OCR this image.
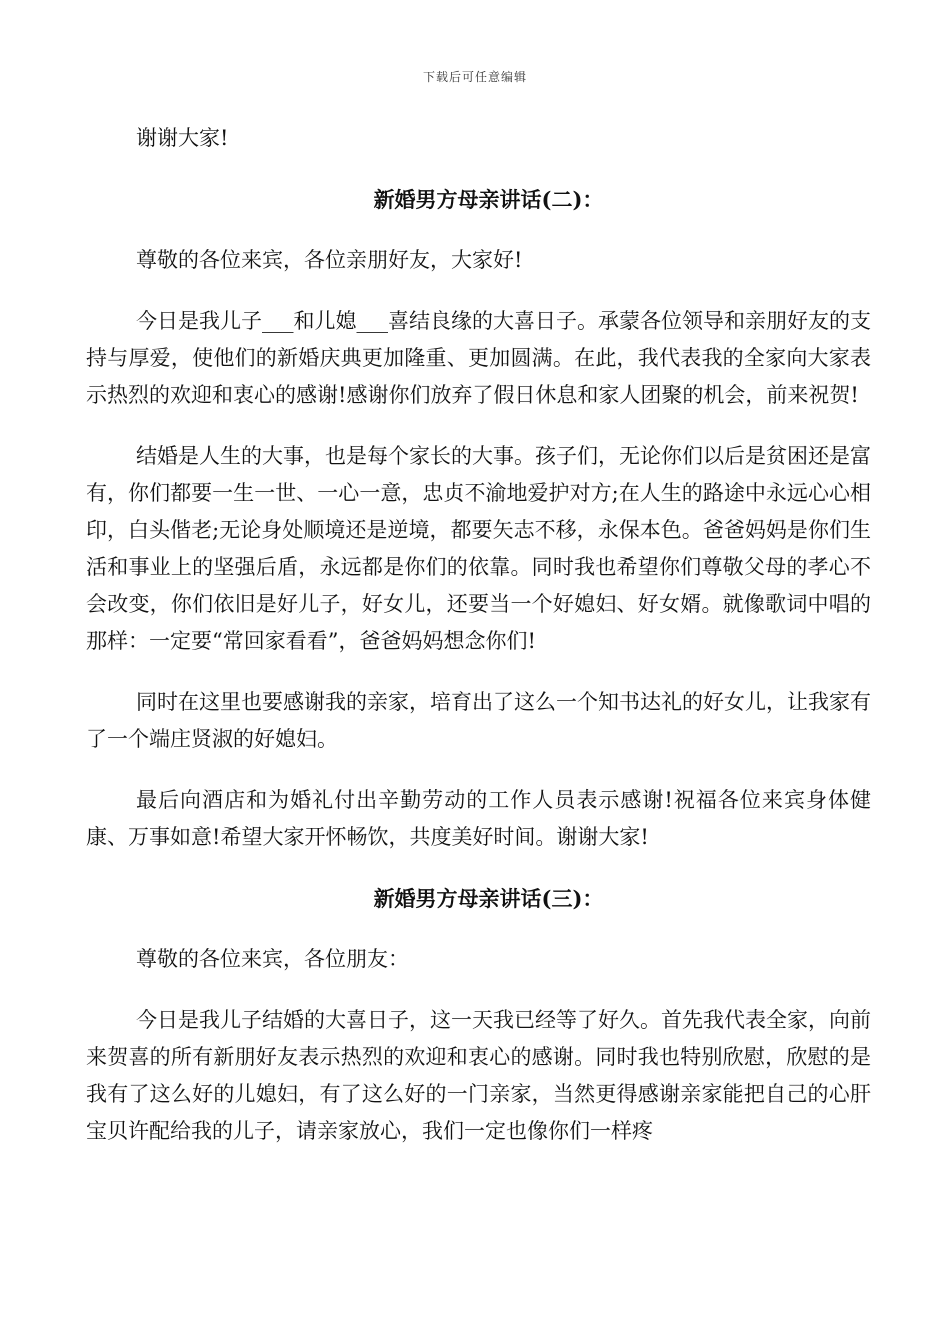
下载后可任意编辑

谢谢大家!

新婚男方母亲讲话(二)：

尊敬的各位来宾，各位亲朋好友，大家好!

今日是我儿子___和儿媳___喜结良缘的大喜日子。承蒙各位领导和亲朋好友的支持与厚爱，使他们的新婚庆典更加隆重、更加圆满。在此，我代表我的全家向大家表示热烈的欢迎和衷心的感谢!感谢你们放弃了假日休息和家人团聚的机会，前来祝贺!

结婚是人生的大事，也是每个家长的大事。孩子们，无论你们以后是贫困还是富有，你们都要一生一世、一心一意，忠贞不渝地爱护对方;在人生的路途中永远心心相印，白头偕老;无论身处顺境还是逆境，都要矢志不移，永保本色。爸爸妈妈是你们生活和事业上的坚强后盾，永远都是你们的依靠。同时我也希望你们尊敬父母的孝心不会改变，你们依旧是好儿子，好女儿，还要当一个好媳妇、好女婿。就像歌词中唱的那样：一定要“常回家看看”，爸爸妈妈想念你们!

同时在这里也要感谢我的亲家，培育出了这么一个知书达礼的好女儿，让我家有了一个端庄贤淑的好媳妇。

最后向酒店和为婚礼付出辛勤劳动的工作人员表示感谢!祝福各位来宾身体健康、万事如意!希望大家开怀畅饮，共度美好时间。谢谢大家!

新婚男方母亲讲话(三)：

尊敬的各位来宾，各位朋友：

今日是我儿子结婚的大喜日子，这一天我已经等了好久。首先我代表全家，向前来贺喜的所有新朋好友表示热烈的欢迎和衷心的感谢。同时我也特别欣慰，欣慰的是我有了这么好的儿媳妇，有了这么好的一门亲家，当然更得感谢亲家能把自己的心肝宝贝许配给我的儿子，请亲家放心，我们一定也像你们一样疼
